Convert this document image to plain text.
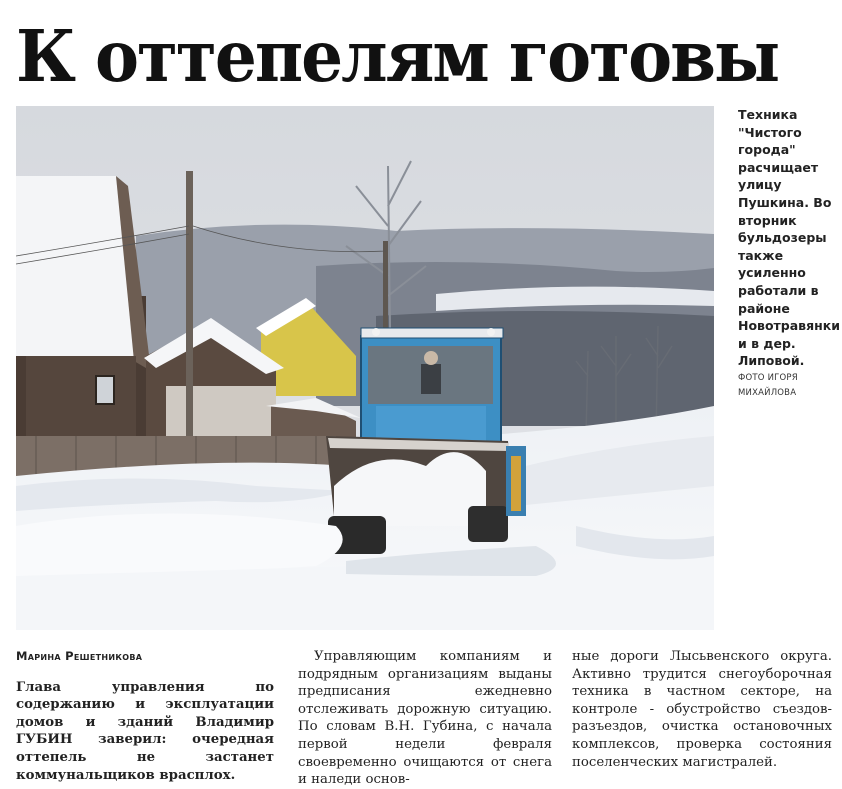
К оттепелям готовы
Техника "Чистого города" расчищает улицу Пушкина. Во вторник бульдозеры также усиленно работали в районе Новотравянки и в дер. Липовой.
ФОТО ИГОРЯ МИХАЙЛОВА
Марина Решетникова
Глава управления по содержанию и эксплуатации домов и зданий Владимир ГУБИН заверил: очередная оттепель не застанет коммунальщиков врасплох.
Управляющим компаниям и подрядным организациям выданы предписания ежедневно отслеживать дорожную ситуацию. По словам В.Н. Губина, с начала первой недели февраля своевременно очищаются от снега и наледи основ-
ные дороги Лысьвенского округа. Активно трудится снегоуборочная техника в частном секторе, на контроле - обустройство съездов-разъездов, очистка остановочных комплексов, проверка состояния поселенческих магистралей.
